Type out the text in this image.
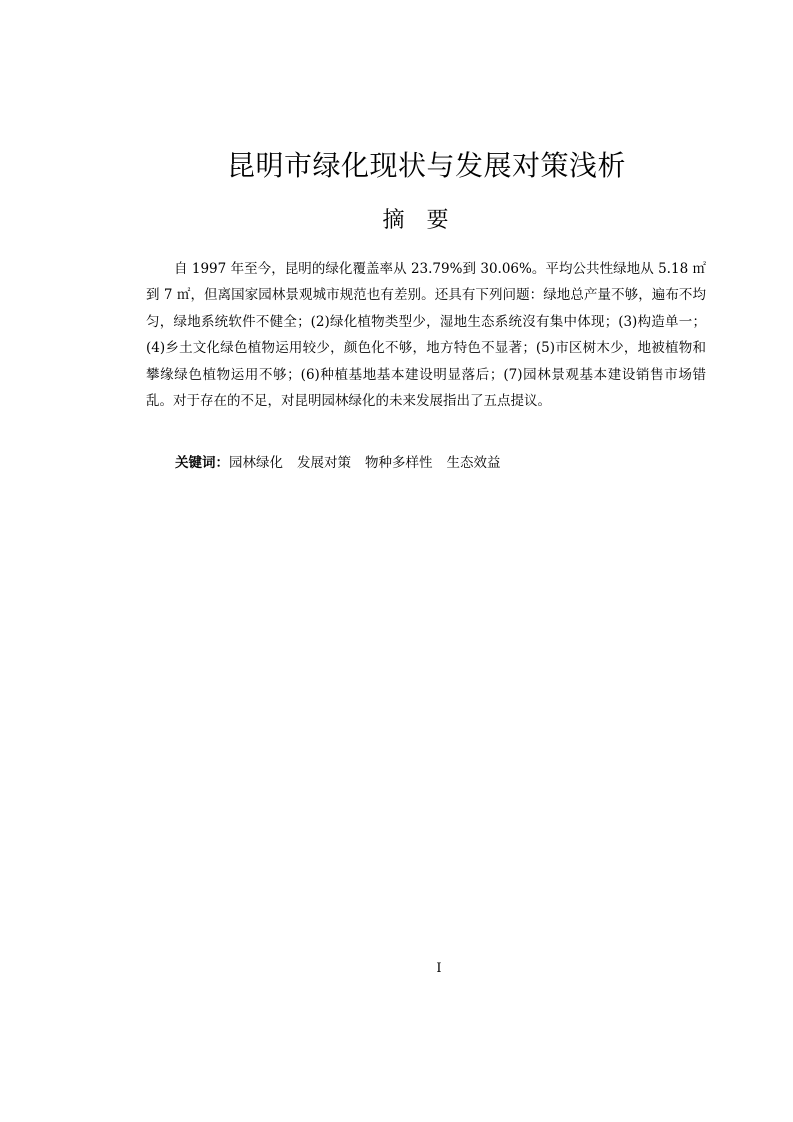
昆明市绿化现状与发展对策浅析
摘要

自 1997 年至今，昆明的绿化覆盖率从 23.79%到 30.06%。平均公共性绿地从 5.18 ㎡到 7 ㎡，但离国家园林景观城市规范也有差别。还具有下列问题：绿地总产量不够，遍布不均匀，绿地系统软件不健全；(2)绿化植物类型少，湿地生态系统沒有集中体现；(3)构造单一；(4)乡土文化绿色植物运用较少，颜色化不够，地方特色不显著；(5)市区树木少，地被植物和攀缘绿色植物运用不够；(6)种植基地基本建设明显落后；(7)园林景观基本建设销售市场错乱。对于存在的不足，对昆明园林绿化的未来发展指出了五点提议。

关键词：园林绿化 发展对策 物种多样性 生态效益

I
